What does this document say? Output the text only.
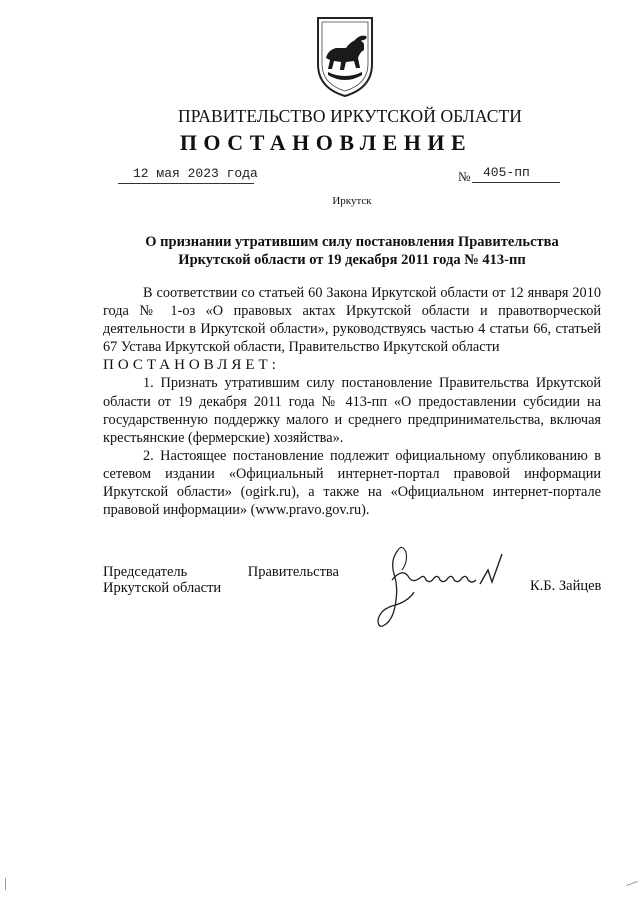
ПРАВИТЕЛЬСТВО ИРКУТСКОЙ ОБЛАСТИ
ПОСТАНОВЛЕНИЕ
12 мая 2023 года	№ 405-пп
Иркутск
О признании утратившим силу постановления Правительства
Иркутской области от 19 декабря 2011 года № 413-пп

В соответствии со статьей 60 Закона Иркутской области от 12 января 2010 года № 1-оз «О правовых актах Иркутской области и правотворческой деятельности в Иркутской области», руководствуясь частью 4 статьи 66, статьей 67 Устава Иркутской области, Правительство Иркутской области

ПОСТАНОВЛЯЕТ:

1. Признать утратившим силу постановление Правительства Иркутской области от 19 декабря 2011 года № 413-пп «О предоставлении субсидии на государственную поддержку малого и среднего предпринимательства, включая крестьянские (фермерские) хозяйства».

2. Настоящее постановление подлежит официальному опубликованию в сетевом издании «Официальный интернет-портал правовой информации Иркутской области» (ogirk.ru), а также на «Официальном интернет-портале правовой информации» (www.pravo.gov.ru).

Председатель	Правительства
Иркутской области	К.Б. Зайцев
